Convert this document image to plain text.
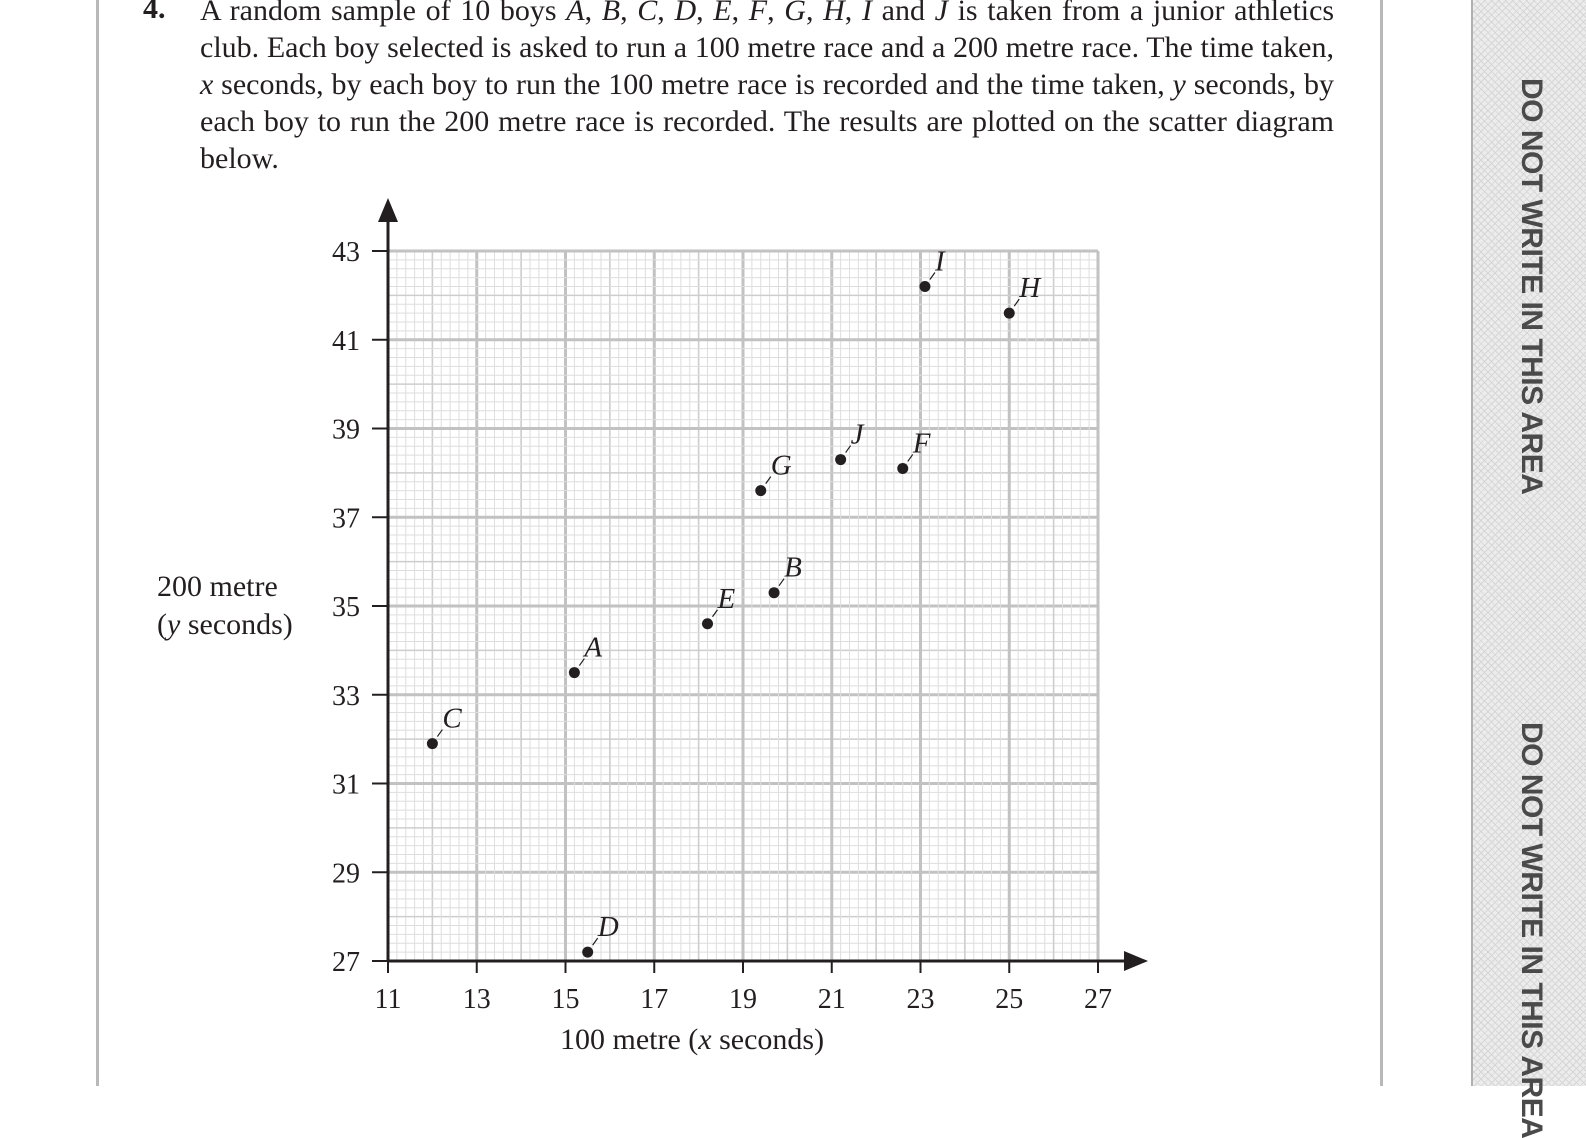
DO NOT WRITE IN THIS AREA
DO NOT WRITE IN THIS AREA
4. A random sample of 10 boys A, B, C, D, E, F, G, H, I and J is taken from a junior athletics club. Each boy selected is asked to run a 100 metre race and a 200 metre race. The time taken, x seconds, by each boy to run the 100 metre race is recorded and the time taken, y seconds, by each boy to run the 200 metre race is recorded. The results are plotted on the scatter diagram below.
200 metre
(y seconds)
100 metre (x seconds)
11 13 15 17 19 21 23 25 27
27
29
31
33
35
37
39
41
43
A
B
C
D
E
F
G
H
I
J
